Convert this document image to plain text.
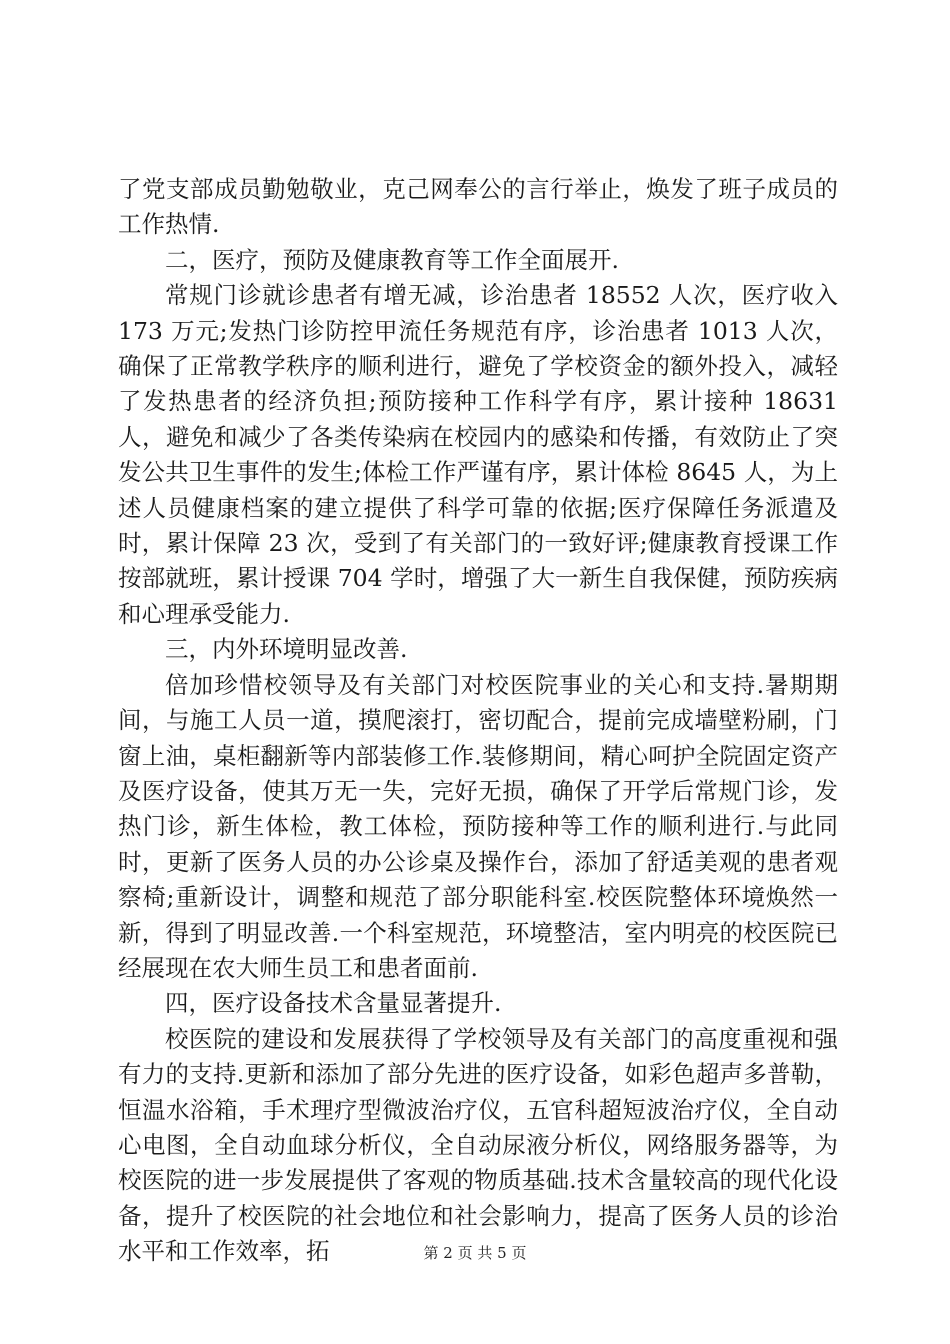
了党支部成员勤勉敬业，克己网奉公的言行举止，焕发了班子成员的工作热情.

二，医疗，预防及健康教育等工作全面展开.

常规门诊就诊患者有增无减，诊治患者 18552 人次，医疗收入 173 万元;发热门诊防控甲流任务规范有序，诊治患者 1013 人次，确保了正常教学秩序的顺利进行，避免了学校资金的额外投入，减轻了发热患者的经济负担;预防接种工作科学有序，累计接种 18631 人，避免和减少了各类传染病在校园内的感染和传播，有效防止了突发公共卫生事件的发生;体检工作严谨有序，累计体检 8645 人，为上述人员健康档案的建立提供了科学可靠的依据;医疗保障任务派遣及时，累计保障 23 次，受到了有关部门的一致好评;健康教育授课工作按部就班，累计授课 704 学时，增强了大一新生自我保健，预防疾病和心理承受能力.

三，内外环境明显改善.

倍加珍惜校领导及有关部门对校医院事业的关心和支持.暑期期间，与施工人员一道，摸爬滚打，密切配合，提前完成墙壁粉刷，门窗上油，桌柜翻新等内部装修工作.装修期间，精心呵护全院固定资产及医疗设备，使其万无一失，完好无损，确保了开学后常规门诊，发热门诊，新生体检，教工体检，预防接种等工作的顺利进行.与此同时，更新了医务人员的办公诊桌及操作台，添加了舒适美观的患者观察椅;重新设计，调整和规范了部分职能科室.校医院整体环境焕然一新，得到了明显改善.一个科室规范，环境整洁，室内明亮的校医院已经展现在农大师生员工和患者面前.

四，医疗设备技术含量显著提升.

校医院的建设和发展获得了学校领导及有关部门的高度重视和强有力的支持.更新和添加了部分先进的医疗设备，如彩色超声多普勒，恒温水浴箱，手术理疗型微波治疗仪，五官科超短波治疗仪，全自动心电图，全自动血球分析仪，全自动尿液分析仪，网络服务器等，为校医院的进一步发展提供了客观的物质基础.技术含量较高的现代化设备，提升了校医院的社会地位和社会影响力，提高了医务人员的诊治水平和工作效率，拓	第 2 页 共 5 页
